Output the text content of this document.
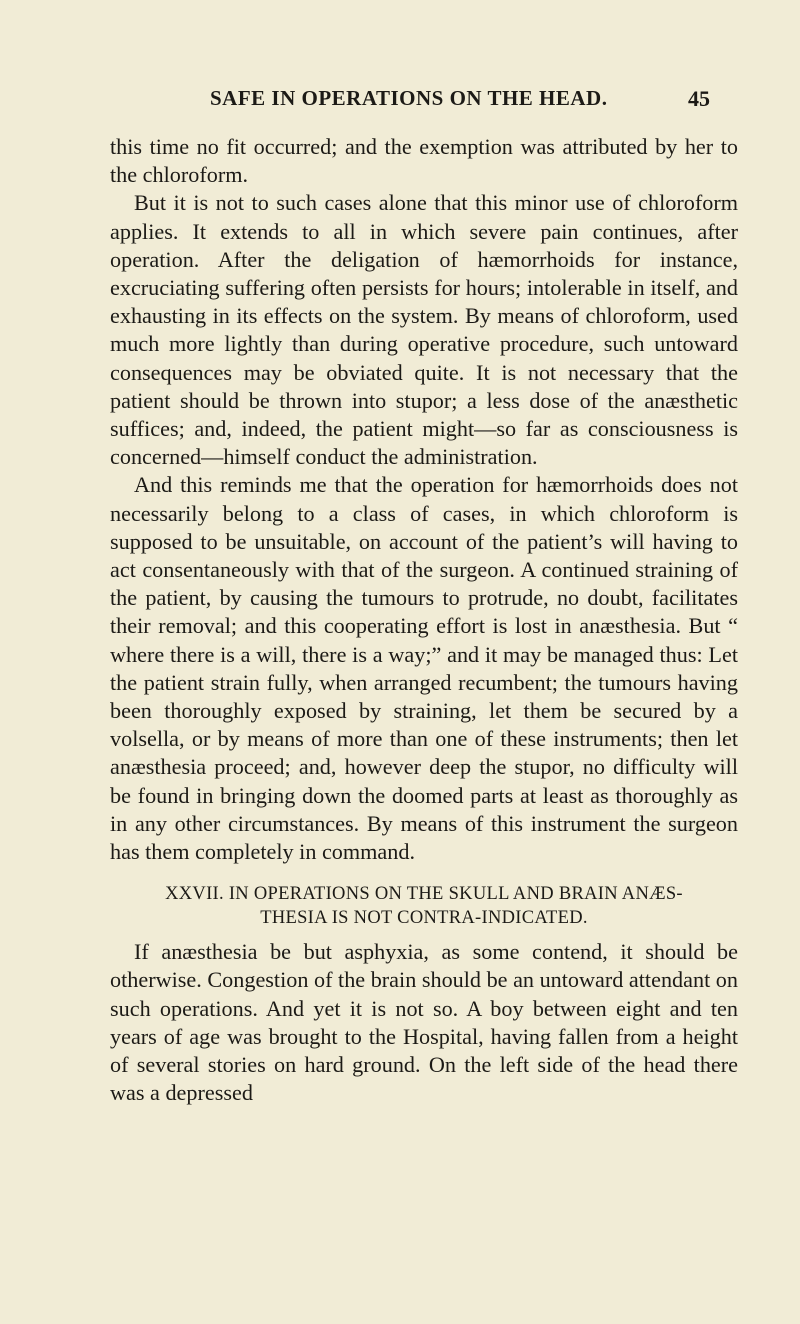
SAFE IN OPERATIONS ON THE HEAD.	45

this time no fit occurred; and the exemption was attributed by her to the chloroform.

But it is not to such cases alone that this minor use of chloroform applies. It extends to all in which severe pain continues, after operation. After the deligation of hæmorrhoids for instance, excruciating suffering often persists for hours; intolerable in itself, and exhausting in its effects on the system. By means of chloroform, used much more lightly than during operative procedure, such untoward consequences may be obviated quite. It is not necessary that the patient should be thrown into stupor; a less dose of the anæsthetic suffices; and, indeed, the patient might—so far as consciousness is concerned—himself conduct the administration.

And this reminds me that the operation for hæmorrhoids does not necessarily belong to a class of cases, in which chloroform is supposed to be unsuitable, on account of the patient’s will having to act consentaneously with that of the surgeon. A continued straining of the patient, by causing the tumours to protrude, no doubt, facilitates their removal; and this cooperating effort is lost in anæsthesia. But “ where there is a will, there is a way;” and it may be managed thus: Let the patient strain fully, when arranged recumbent; the tumours having been thoroughly exposed by straining, let them be secured by a volsella, or by means of more than one of these instruments; then let anæsthesia proceed; and, however deep the stupor, no difficulty will be found in bringing down the doomed parts at least as thoroughly as in any other circumstances. By means of this instrument the surgeon has them completely in command.

XXVII. IN OPERATIONS ON THE SKULL AND BRAIN ANÆS-
THESIA IS NOT CONTRA-INDICATED.

If anæsthesia be but asphyxia, as some contend, it should be otherwise. Congestion of the brain should be an untoward attendant on such operations. And yet it is not so. A boy between eight and ten years of age was brought to the Hospital, having fallen from a height of several stories on hard ground. On the left side of the head there was a depressed
